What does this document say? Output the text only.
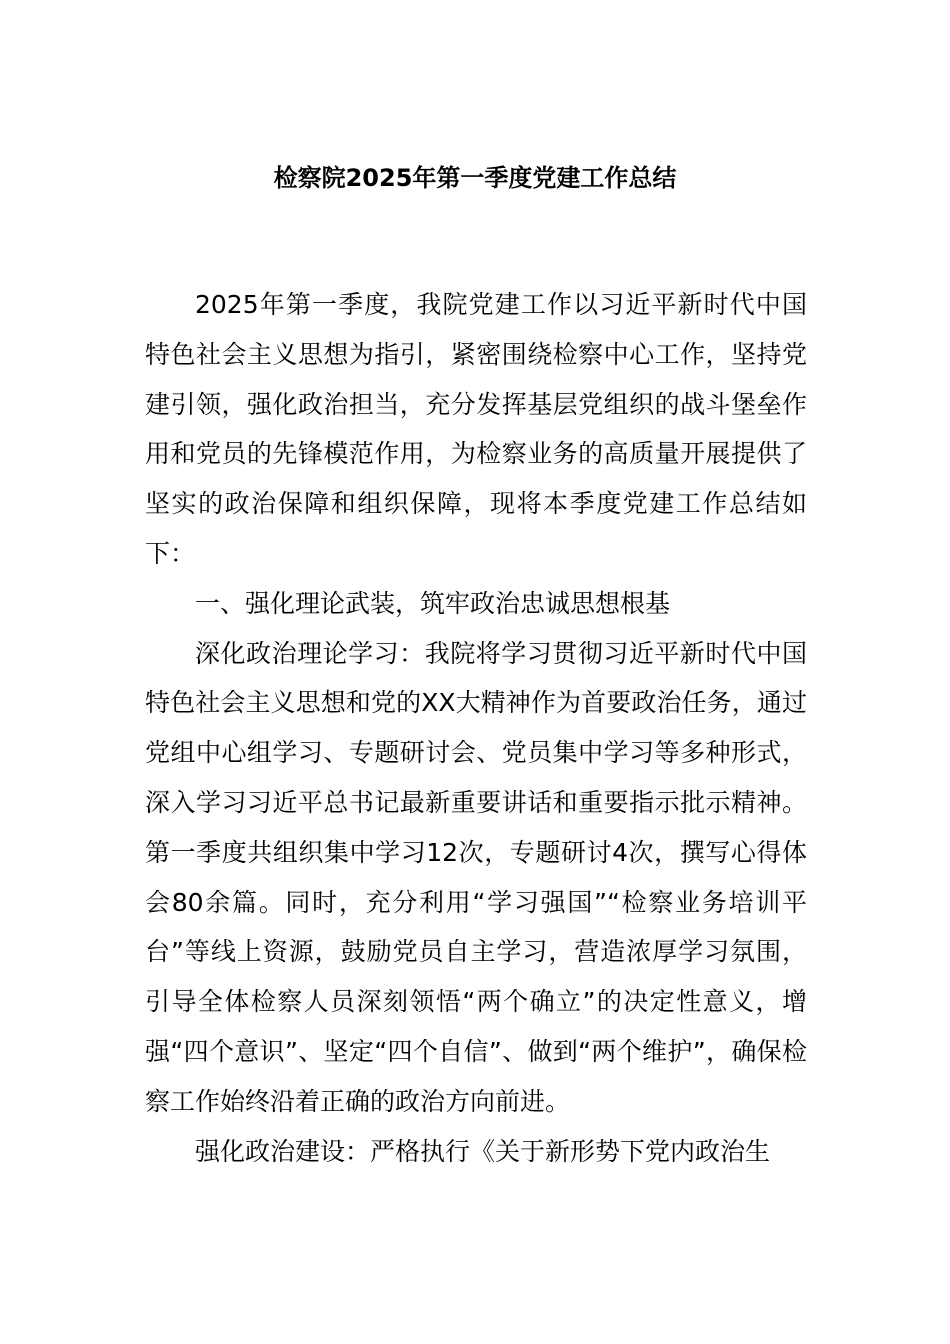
检察院2025年第一季度党建工作总结

2025年第一季度，我院党建工作以习近平新时代中国特色社会主义思想为指引，紧密围绕检察中心工作，坚持党建引领，强化政治担当，充分发挥基层党组织的战斗堡垒作用和党员的先锋模范作用，为检察业务的高质量开展提供了坚实的政治保障和组织保障，现将本季度党建工作总结如下：

一、强化理论武装，筑牢政治忠诚思想根基

深化政治理论学习：我院将学习贯彻习近平新时代中国特色社会主义思想和党的XX大精神作为首要政治任务，通过党组中心组学习、专题研讨会、党员集中学习等多种形式，深入学习习近平总书记最新重要讲话和重要指示批示精神。第一季度共组织集中学习12次，专题研讨4次，撰写心得体会80余篇。同时，充分利用“学习强国”“检察业务培训平台”等线上资源，鼓励党员自主学习，营造浓厚学习氛围，引导全体检察人员深刻领悟“两个确立”的决定性意义，增强“四个意识”、坚定“四个自信”、做到“两个维护”，确保检察工作始终沿着正确的政治方向前进。

强化政治建设：严格执行《关于新形势下党内政治生
